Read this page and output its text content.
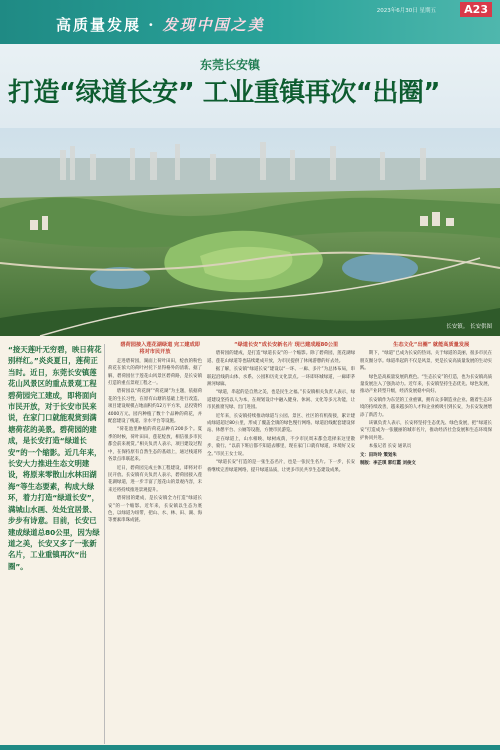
高质量发展 · 发现中国之美
2023年6月30日 星期五	A23
东莞长安镇
打造“绿道长安” 工业重镇再次“出圈”
长安镇。 长安供图
“接天莲叶无穷碧，映日荷花别样红。”炎炎夏日，莲荷正当时。近日，东莞长安镇莲花山风景区的重点景观工程碧荷园完工建成，即将面向市民开放，对于长安市民来说，在家门口就能观赏到满塘荷花的美景。碧荷园的建成，是长安打造“绿道长安”的一个缩影。近几年来，长安大力推进生态文明建设，将原来零散山水林田湖海“等生态要素，构成大绿环，着力打造“绿道长安”，满城山水画、处处宜居景、步步有诗意。目前，长安已建成绿道总80公里，因为绿道之美，长安又多了一张新名片，工业重镇再次“出圈”。

碧荷园接入莲花湖绿道 完工建成即将对市民开放

走进碧荷园，湖面上荷叶田田，绽放的粉色荷花在浓大的荷叶衬托下显得格外的清新。据了解，碧荷园位于莲花山风景区碧荷路，是长安镇打造的重点景观工程之一。

碧荷园以“荷花涧”“荷花湖”为主题，依据荷花的生长习性，在原有山塘的基础上进行改造。项目建设规模占地面积约12万平方米，总投资约4000万元。园内种植了数十个品种的荷花，并配套建设了栈道、亲水平台等设施。

“荷花池里种植的荷花品种有200多个。夏季的时候，荷叶田田，莲花绽放，相信很多市民都会前来观赏。”相关负责人表示，项目建设过程中，在保持原有自然生态的基础上，通过栈道将各景点串联起来。

近日，碧荷园完成主体工程建设，即将对市民开放。长安镇有关负责人表示，碧荷园接入莲花湖绿道，进一步丰富了莲花山的景观内容，未来还将持续推进景观提升。

碧荷园的建成，是长安镇全力打造“绿道长安”的一个缩影。近年来，长安镇以生态为底色，以绿道为纽带，把山、水、林、田、湖、海等要素串珠成链。

“绿道长安”成长安新名片 现已建成超80公里

碧荷园的建成，是打造“绿道长安”的一个缩影。除了碧荷园，莲花湖绿道、莲花山绿道等也陆续建成开放，为市民提供了休闲游憩的好去处。

据了解，长安镇“绿道长安”建设以“一环、一廊、多片”为总体布局，串联起沿线的山体、水系、公园和历史文化景点。一环即环城绿道，一廊即茅洲河绿廊。

“绿道，串起的是自然之美，也是民生之福。”长安镇相关负责人表示，绿道建设坚持以人为本，在规划设计中融入健身、休闲、文化等多元功能，让市民推窗见绿、出门进园。

近年来，长安镇持续推动绿道与公园、景区、社区的有机衔接，累计建成绿道超过80公里，形成了覆盖全镇的绿色慢行网络。绿道沿线配套建设驿站、休憩平台、公厕等设施，方便市民游览。

走在绿道上，山水相映、绿树成荫，不少市民周末都会选择来这里散步、骑行。“以前下班后都不知道去哪里，现在家门口就有绿道，环境好又安全。”市民王女士说。

“绿道长安”打造的是一张生态名片，也是一张民生名片。下一步，长安将继续完善绿道网络，提升绿道品质，让更多市民共享生态建设成果。

生态文化“出圈” 就能高质量发展

期下，“绿道”已成为长安的热词。关于绿道的美丽，很多市民在朋友圈分享。绿道串起的不仅是风景，更是长安高质量发展的生动实践。

绿色是高质量发展的底色。“生态长安”的打造，也为长安镇高质量发展注入了强劲动力。近年来，长安镇坚持生态优先、绿色发展，推动产业转型升级，经济发展稳中向好。

长安镇作为东莞的工业重镇，拥有众多制造业企业。随着生态环境的持续改善，越来越多的人才和企业被吸引到长安，为长安发展增添了新活力。

该镇负责人表示，长安将坚持生态优先、绿色发展，把“绿道长安”打造成为一张靓丽的城市名片，推动经济社会发展和生态环境保护协同共进。

本报记者 长安 通讯员

文：田玲玲 策划朱

制版：李芷琪 郭红霞 刘俊文
